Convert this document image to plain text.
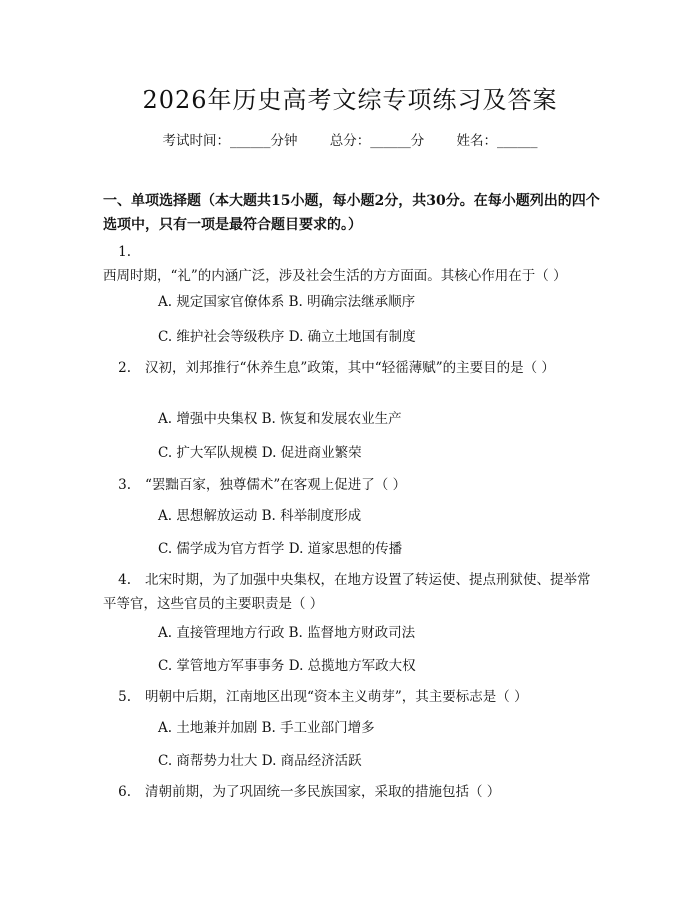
2026年历史高考文综专项练习及答案
考试时间：______分钟 总分：______分 姓名：______
一、单项选择题（本大题共15小题，每小题2分，共30分。在每小题列出的四个选项中，只有一项是最符合题目要求的。）
1.西周时期，“礼”的内涵广泛，涉及社会生活的方方面面。其核心作用在于（ ）
A. 规定国家官僚体系 B. 明确宗法继承顺序
C. 维护社会等级秩序 D. 确立土地国有制度
2. 汉初，刘邦推行“休养生息”政策，其中“轻徭薄赋”的主要目的是（ ）
A. 增强中央集权 B. 恢复和发展农业生产
C. 扩大军队规模 D. 促进商业繁荣
3. “罢黜百家，独尊儒术”在客观上促进了（ ）
A. 思想解放运动 B. 科举制度形成
C. 儒学成为官方哲学 D. 道家思想的传播
4. 北宋时期，为了加强中央集权，在地方设置了转运使、提点刑狱使、提举常平等官，这些官员的主要职责是（ ）
A. 直接管理地方行政 B. 监督地方财政司法
C. 掌管地方军事事务 D. 总揽地方军政大权
5. 明朝中后期，江南地区出现“资本主义萌芽”，其主要标志是（ ）
A. 土地兼并加剧 B. 手工业部门增多
C. 商帮势力壮大 D. 商品经济活跃
6. 清朝前期，为了巩固统一多民族国家，采取的措施包括（ ）
